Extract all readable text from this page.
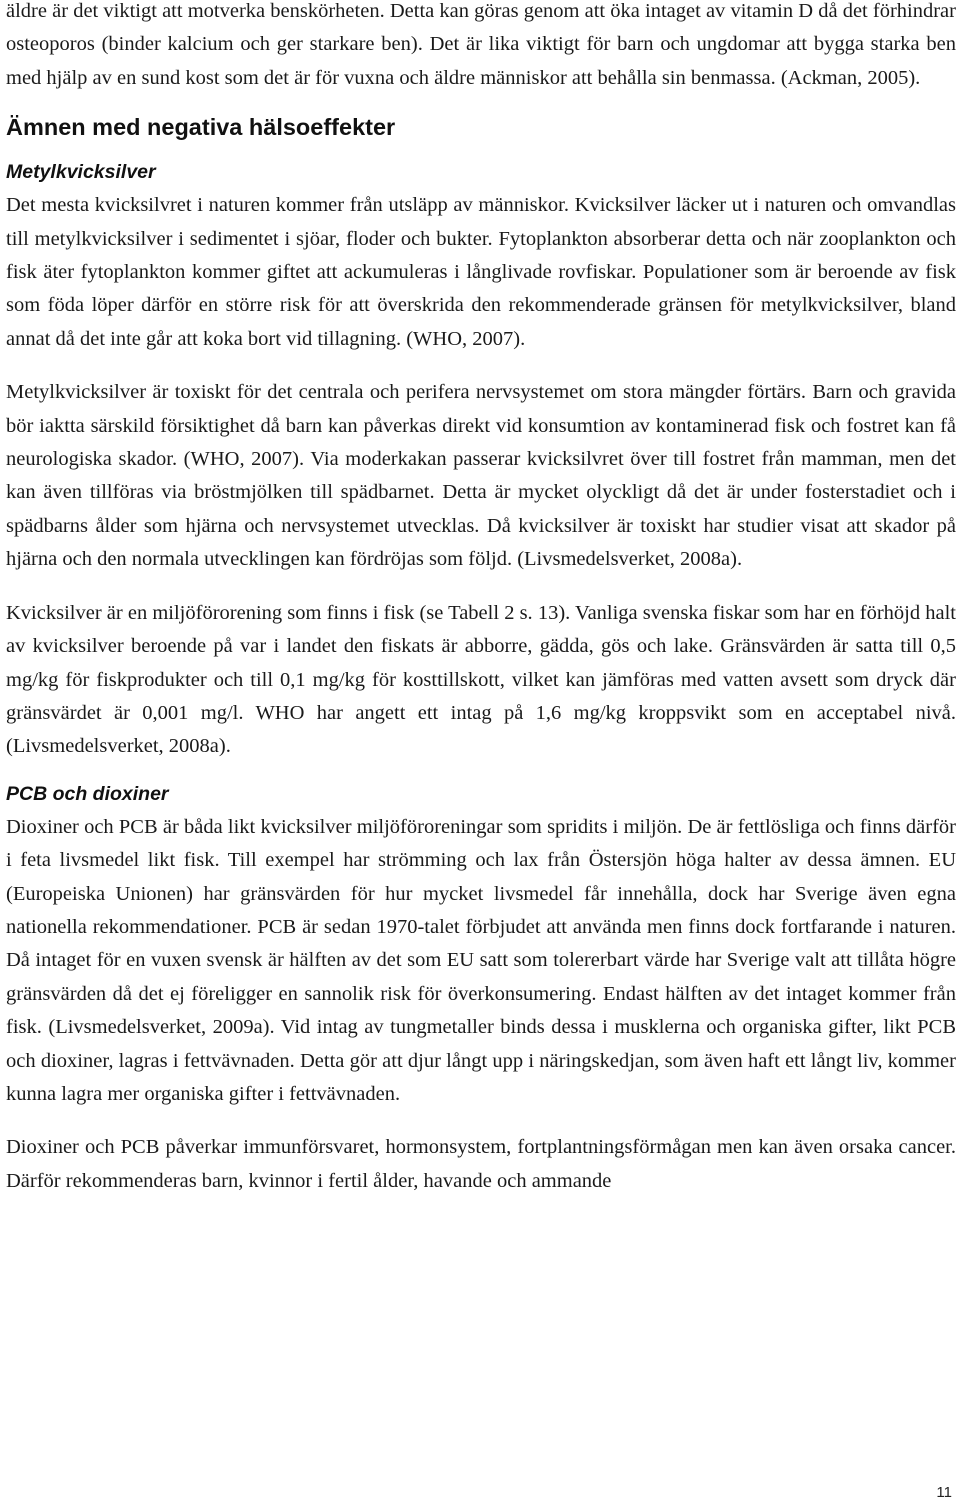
äldre är det viktigt att motverka benskörheten. Detta kan göras genom att öka intaget av vitamin D då det förhindrar osteoporos (binder kalcium och ger starkare ben). Det är lika viktigt för barn och ungdomar att bygga starka ben med hjälp av en sund kost som det är för vuxna och äldre människor att behålla sin benmassa. (Ackman, 2005).

Ämnen med negativa hälsoeffekter
Metylkvicksilver

Det mesta kvicksilvret i naturen kommer från utsläpp av människor. Kvicksilver läcker ut i naturen och omvandlas till metylkvicksilver i sedimentet i sjöar, floder och bukter. Fytoplankton absorberar detta och när zooplankton och fisk äter fytoplankton kommer giftet att ackumuleras i långlivade rovfiskar. Populationer som är beroende av fisk som föda löper därför en större risk för att överskrida den rekommenderade gränsen för metylkvicksilver, bland annat då det inte går att koka bort vid tillagning. (WHO, 2007).

Metylkvicksilver är toxiskt för det centrala och perifera nervsystemet om stora mängder förtärs. Barn och gravida bör iaktta särskild försiktighet då barn kan påverkas direkt vid konsumtion av kontaminerad fisk och fostret kan få neurologiska skador. (WHO, 2007). Via moderkakan passerar kvicksilvret över till fostret från mamman, men det kan även tillföras via bröstmjölken till spädbarnet. Detta är mycket olyckligt då det är under fosterstadiet och i spädbarns ålder som hjärna och nervsystemet utvecklas. Då kvicksilver är toxiskt har studier visat att skador på hjärna och den normala utvecklingen kan fördröjas som följd. (Livsmedelsverket, 2008a).

Kvicksilver är en miljöförorening som finns i fisk (se Tabell 2 s. 13). Vanliga svenska fiskar som har en förhöjd halt av kvicksilver beroende på var i landet den fiskats är abborre, gädda, gös och lake. Gränsvärden är satta till 0,5 mg/kg för fiskprodukter och till 0,1 mg/kg för kosttillskott, vilket kan jämföras med vatten avsett som dryck där gränsvärdet är 0,001 mg/l. WHO har angett ett intag på 1,6 mg/kg kroppsvikt som en acceptabel nivå. (Livsmedelsverket, 2008a).

PCB och dioxiner

Dioxiner och PCB är båda likt kvicksilver miljöföroreningar som spridits i miljön. De är fettlösliga och finns därför i feta livsmedel likt fisk. Till exempel har strömming och lax från Östersjön höga halter av dessa ämnen. EU (Europeiska Unionen) har gränsvärden för hur mycket livsmedel får innehålla, dock har Sverige även egna nationella rekommendationer. PCB är sedan 1970-talet förbjudet att använda men finns dock fortfarande i naturen. Då intaget för en vuxen svensk är hälften av det som EU satt som tolererbart värde har Sverige valt att tillåta högre gränsvärden då det ej föreligger en sannolik risk för överkonsumering. Endast hälften av det intaget kommer från fisk. (Livsmedelsverket, 2009a). Vid intag av tungmetaller binds dessa i musklerna och organiska gifter, likt PCB och dioxiner, lagras i fettvävnaden. Detta gör att djur långt upp i näringskedjan, som även haft ett långt liv, kommer kunna lagra mer organiska gifter i fettvävnaden.

Dioxiner och PCB påverkar immunförsvaret, hormonsystem, fortplantningsförmågan men kan även orsaka cancer. Därför rekommenderas barn, kvinnor i fertil ålder, havande och ammande

11
